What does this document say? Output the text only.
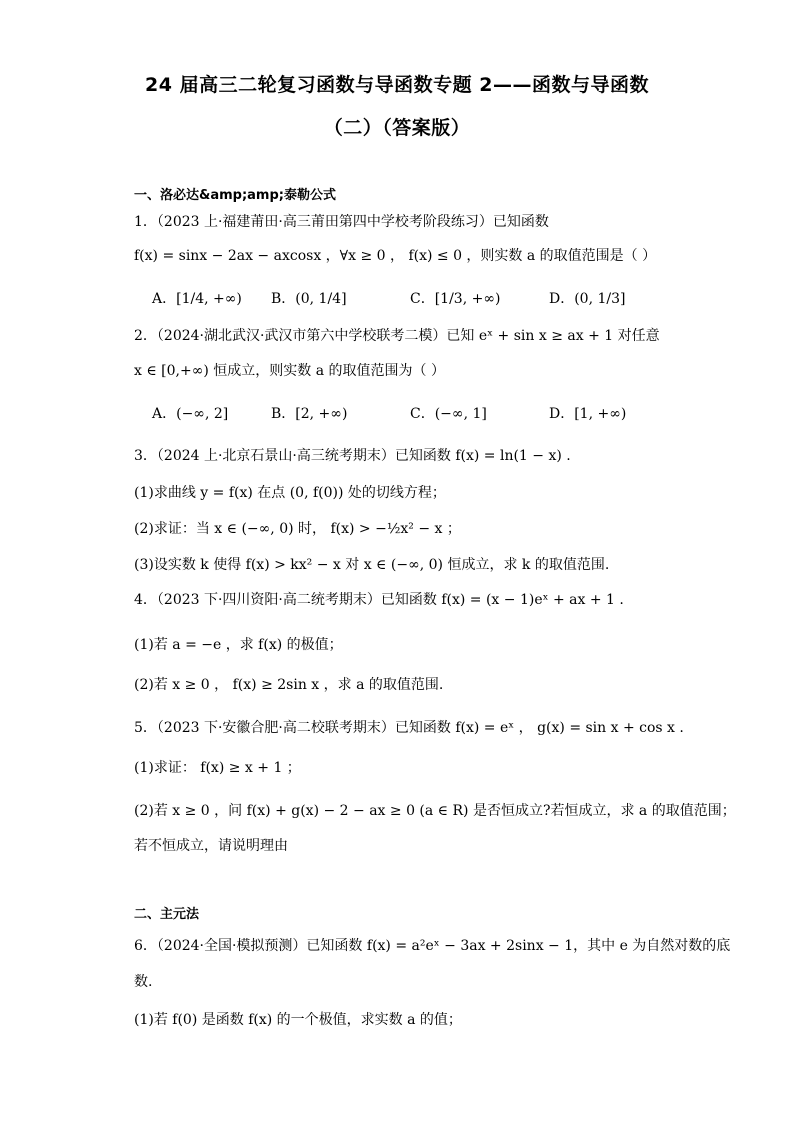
24 届高三二轮复习函数与导函数专题 2——函数与导函数
（二）（答案版）
一、洛必达&amp;amp;泰勒公式
1．（2023 上·福建莆田·高三莆田第四中学校考阶段练习）已知函数
f(x) = sinx − 2ax − axcosx ，∀x ≥ 0 ， f(x) ≤ 0 ，则实数 a 的取值范围是（ ）
A．[1/4, +∞) B．(0, 1/4]	C．[1/3, +∞)	D．(0, 1/3]
2．（2024·湖北武汉·武汉市第六中学校联考二模）已知 eˣ + sin x ≥ ax + 1 对任意
x ∈ [0,+∞) 恒成立，则实数 a 的取值范围为（ ）
A．(−∞, 2]	B．[2, +∞)	C．(−∞, 1]	D．[1, +∞)
3．（2024 上·北京石景山·高三统考期末）已知函数 f(x) = ln(1 − x) .
(1)求曲线 y = f(x) 在点 (0, f(0)) 处的切线方程；
(2)求证：当 x ∈ (−∞, 0) 时， f(x) > −½x² − x ；
(3)设实数 k 使得 f(x) > kx² − x 对 x ∈ (−∞, 0) 恒成立，求 k 的取值范围.
4．（2023 下·四川资阳·高二统考期末）已知函数 f(x) = (x − 1)eˣ + ax + 1 .
(1)若 a = −e ，求 f(x) 的极值；
(2)若 x ≥ 0 ， f(x) ≥ 2sin x ，求 a 的取值范围.
5．（2023 下·安徽合肥·高二校联考期末）已知函数 f(x) = eˣ ， g(x) = sin x + cos x .
(1)求证： f(x) ≥ x + 1 ；
(2)若 x ≥ 0 ，问 f(x) + g(x) − 2 − ax ≥ 0 (a ∈ R) 是否恒成立?若恒成立，求 a 的取值范围；
若不恒成立，请说明理由
二、主元法
6．（2024·全国·模拟预测）已知函数 f(x) = a²eˣ − 3ax + 2sinx − 1，其中 e 为自然对数的底
数.
(1)若 f(0) 是函数 f(x) 的一个极值，求实数 a 的值；
